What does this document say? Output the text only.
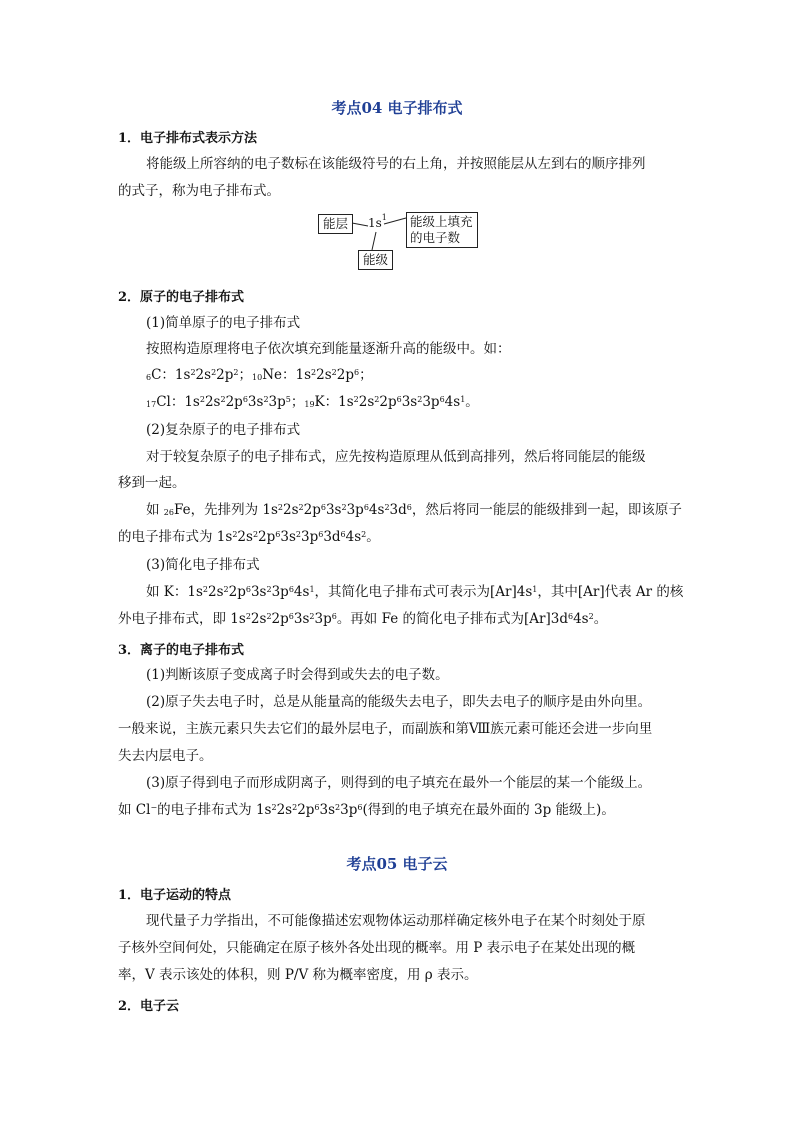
考点04 电子排布式
1．电子排布式表示方法
将能级上所容纳的电子数标在该能级符号的右上角，并按照能层从左到右的顺序排列
的式子，称为电子排布式。
能层	$1s^1$ 能级上填充
的电子数
能级
2．原子的电子排布式
(1)简单原子的电子排布式
按照构造原理将电子依次填充到能量逐渐升高的能级中。如：
$_6$C：$1s^22s^22p^2$；$_{10}$Ne：$1s^22s^22p^6$；
$_{17}$Cl：$1s^22s^22p^63s^23p^5$；$_{19}$K：$1s^22s^22p^63s^23p^64s^1$。
(2)复杂原子的电子排布式
对于较复杂原子的电子排布式，应先按构造原理从低到高排列，然后将同能层的能级
移到一起。
如 $_{26}$Fe，先排列为 $1s^22s^22p^63s^23p^64s^23d^6$，然后将同一能层的能级排到一起，即该原子
的电子排布式为 $1s^22s^22p^63s^23p^63d^64s^2$。
(3)简化电子排布式
如 K：$1s^22s^22p^63s^23p^64s^1$，其简化电子排布式可表示为$[Ar]4s^1$，其中[Ar]代表 Ar 的核
外电子排布式，即 $1s^22s^22p^63s^23p^6$。再如 Fe 的简化电子排布式为$[Ar]3d^64s^2$。
3．离子的电子排布式
(1)判断该原子变成离子时会得到或失去的电子数。
(2)原子失去电子时，总是从能量高的能级失去电子，即失去电子的顺序是由外向里。
一般来说，主族元素只失去它们的最外层电子，而副族和第Ⅷ族元素可能还会进一步向里
失去内层电子。
(3)原子得到电子而形成阴离子，则得到的电子填充在最外一个能层的某一个能级上。
如 Cl−的电子排布式为 $1s^22s^22p^63s^23p^6$(得到的电子填充在最外面的 3p 能级上)。
考点05 电子云
1．电子运动的特点
现代量子力学指出，不可能像描述宏观物体运动那样确定核外电子在某个时刻处于原
子核外空间何处，只能确定在原子核外各处出现的概率。用 P 表示电子在某处出现的概
率，V 表示该处的体积，则 P/V 称为概率密度，用 ρ 表示。
2．电子云
